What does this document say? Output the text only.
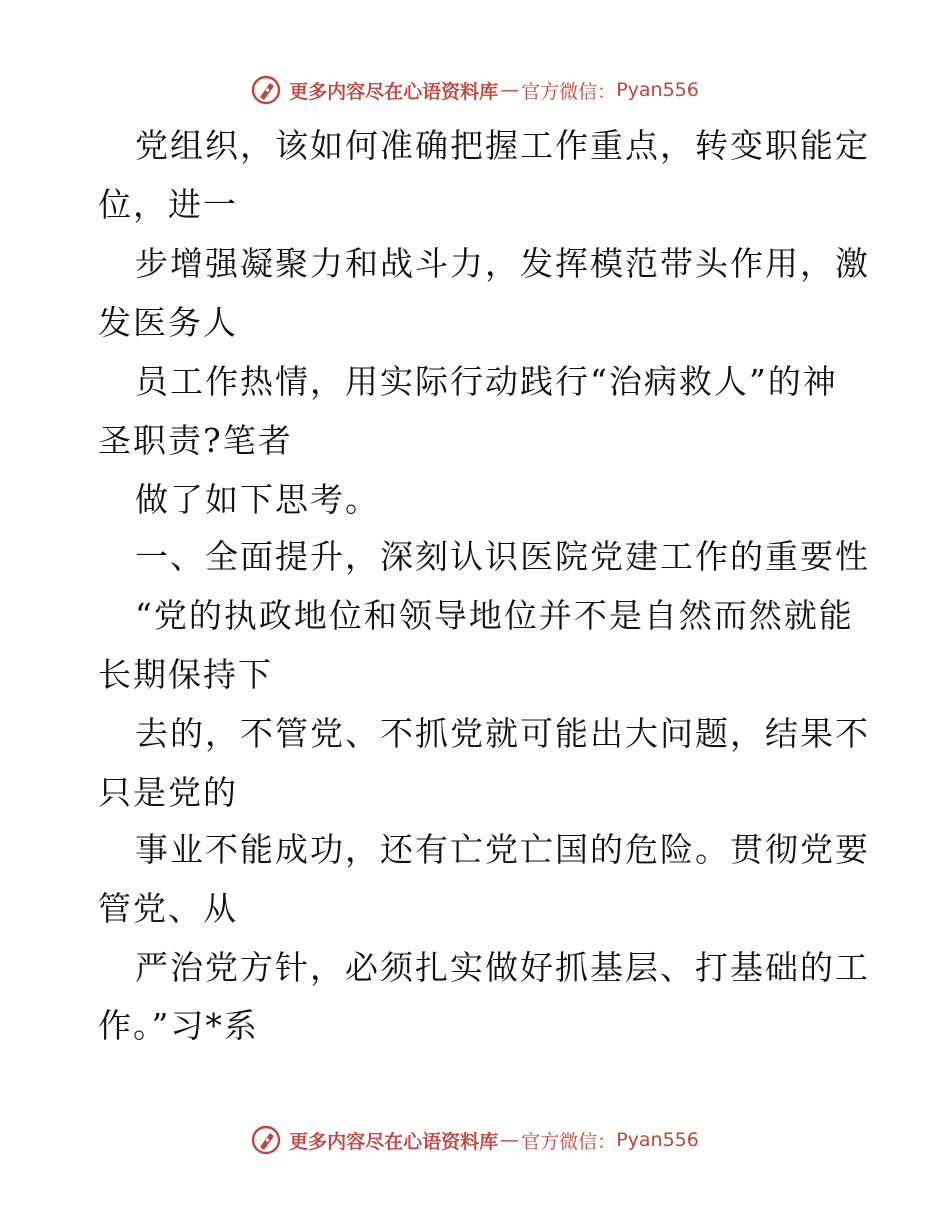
更多内容尽在心语资料库 — 官方微信： Pyan556
党组织，该如何准确把握工作重点，转变职能定
位，进一
步增强凝聚力和战斗力，发挥模范带头作用，激
发医务人
员工作热情，用实际行动践行“治病救人”的神
圣职责?笔者
做了如下思考。
一、全面提升，深刻认识医院党建工作的重要性
“党的执政地位和领导地位并不是自然而然就能
长期保持下
去的，不管党、不抓党就可能出大问题，结果不
只是党的
事业不能成功，还有亡党亡国的危险。贯彻党要
管党、从
严治党方针，必须扎实做好抓基层、打基础的工
作。”习*系
更多内容尽在心语资料库 — 官方微信： Pyan556
